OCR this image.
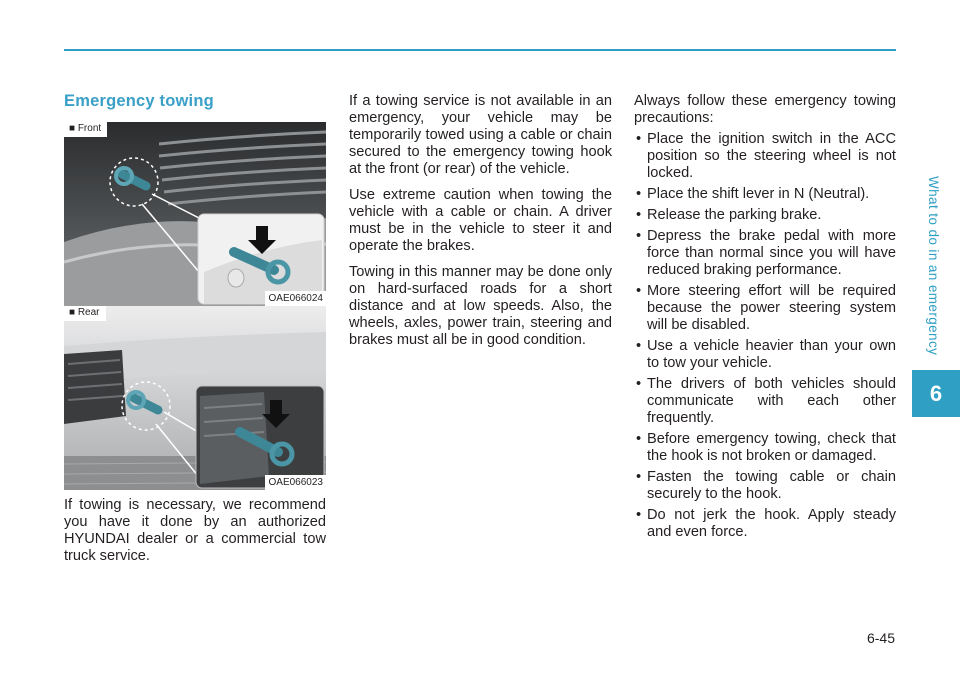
What to do in an emergency
6
Emergency towing
■ Front
OAE066024
■ Rear
OAE066023
If towing is necessary, we recommend you have it done by an authorized HYUNDAI dealer or a commercial tow truck service.

If a towing service is not available in an emergency, your vehicle may be temporarily towed using a cable or chain secured to the emergency towing hook at the front (or rear) of the vehicle.

Use extreme caution when towing the vehicle with a cable or chain. A driver must be in the vehicle to steer it and operate the brakes.

Towing in this manner may be done only on hard-surfaced roads for a short distance and at low speeds. Also, the wheels, axles, power train, steering and brakes must all be in good condition.

Always follow these emergency towing precautions:

• Place the ignition switch in the ACC position so the steering wheel is not locked.
• Place the shift lever in N (Neutral).
• Release the parking brake.
• Depress the brake pedal with more force than normal since you will have reduced braking performance.
• More steering effort will be required because the power steering system will be disabled.
• Use a vehicle heavier than your own to tow your vehicle.
• The drivers of both vehicles should communicate with each other frequently.
• Before emergency towing, check that the hook is not broken or damaged.
• Fasten the towing cable or chain securely to the hook.
• Do not jerk the hook. Apply steady and even force.
6-45
